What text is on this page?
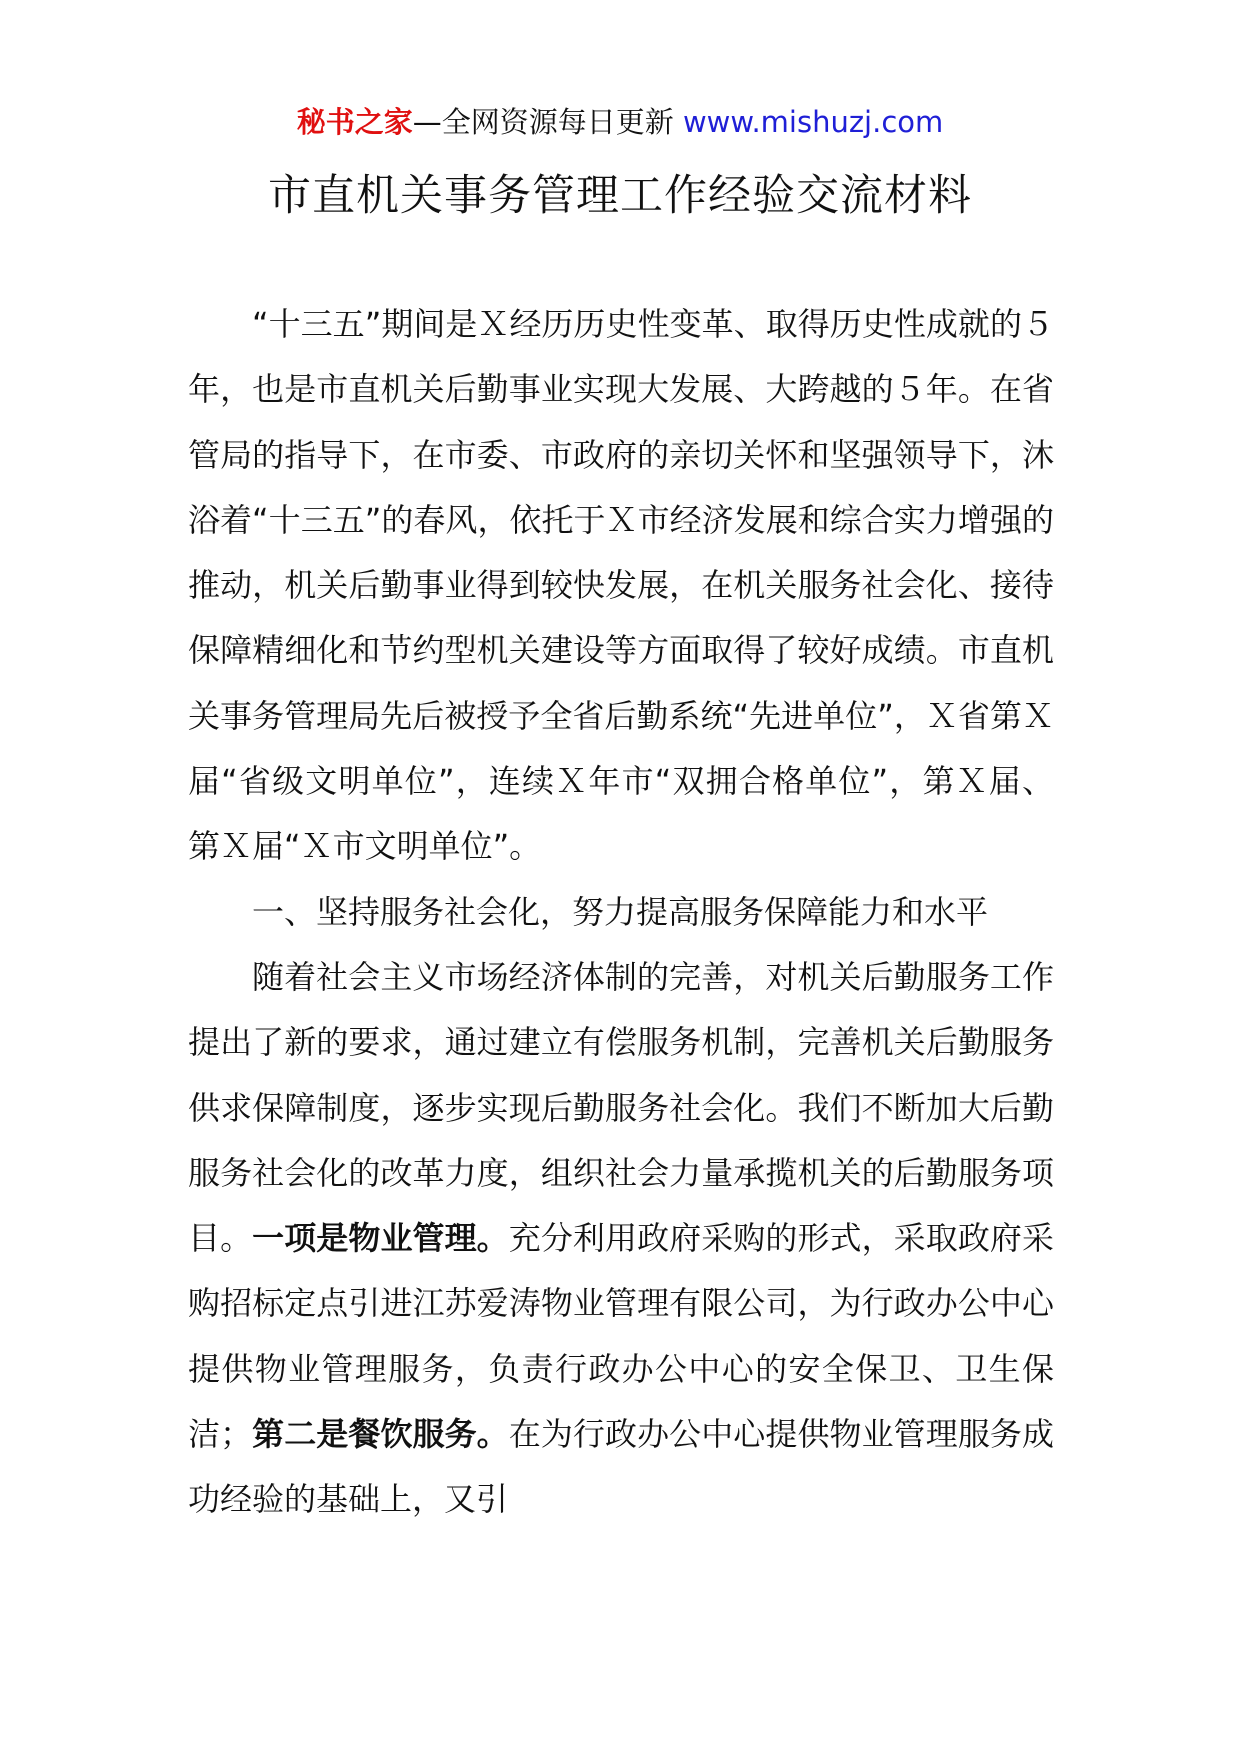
秘书之家—全网资源每日更新 www.mishuzj.com
市直机关事务管理工作经验交流材料

“十三五”期间是Ｘ经历历史性变革、取得历史性成就的５年，也是市直机关后勤事业实现大发展、大跨越的５年。在省管局的指导下，在市委、市政府的亲切关怀和坚强领导下，沐浴着“十三五”的春风，依托于Ｘ市经济发展和综合实力增强的推动，机关后勤事业得到较快发展，在机关服务社会化、接待保障精细化和节约型机关建设等方面取得了较好成绩。市直机关事务管理局先后被授予全省后勤系统“先进单位”，Ｘ省第Ｘ届“省级文明单位”，连续Ｘ年市“双拥合格单位”，第Ｘ届、第Ｘ届“Ｘ市文明单位”。

一、坚持服务社会化，努力提高服务保障能力和水平

随着社会主义市场经济体制的完善，对机关后勤服务工作提出了新的要求，通过建立有偿服务机制，完善机关后勤服务供求保障制度，逐步实现后勤服务社会化。我们不断加大后勤服务社会化的改革力度，组织社会力量承揽机关的后勤服务项目。一项是物业管理。充分利用政府采购的形式，采取政府采购招标定点引进江苏爱涛物业管理有限公司，为行政办公中心提供物业管理服务，负责行政办公中心的安全保卫、卫生保洁；第二是餐饮服务。在为行政办公中心提供物业管理服务成功经验的基础上，又引
